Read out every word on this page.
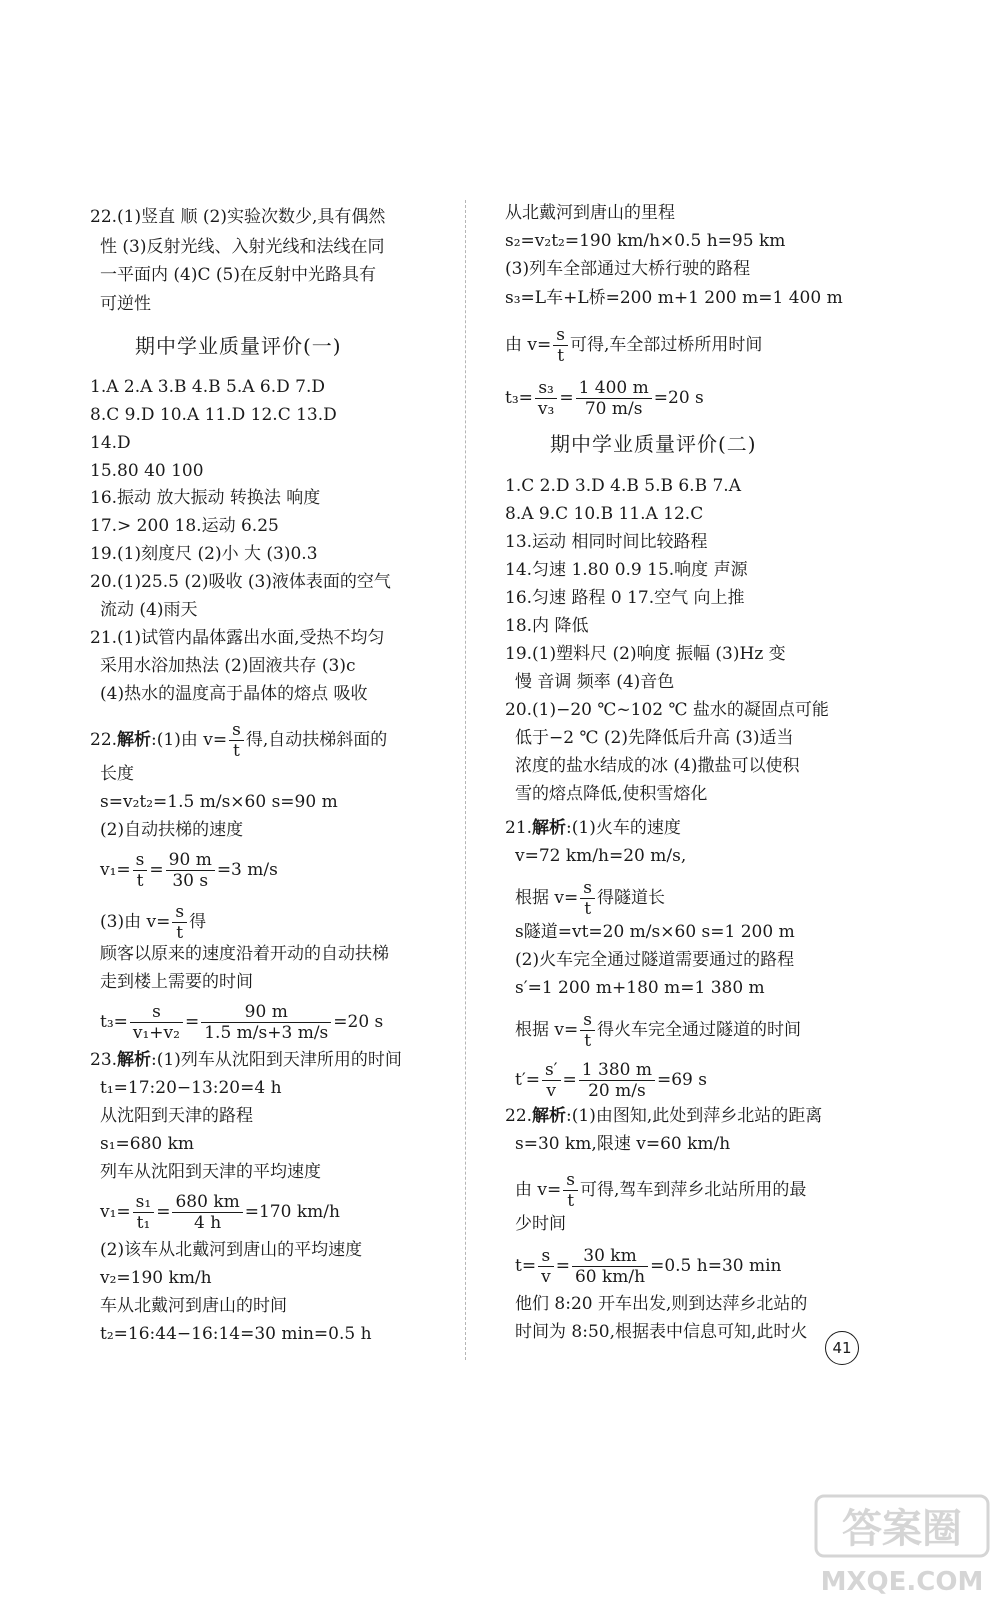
22.(1)竖直 顺 (2)实验次数少,具有偶然
性 (3)反射光线、入射光线和法线在同
一平面内 (4)C (5)在反射中光路具有
可逆性
期中学业质量评价(一)
1.A 2.A 3.B 4.B 5.A 6.D 7.D
8.C 9.D 10.A 11.D 12.C 13.D
14.D
15.80 40 100
16.振动 放大振动 转换法 响度
17.> 200 18.运动 6.25
19.(1)刻度尺 (2)小 大 (3)0.3
20.(1)25.5 (2)吸收 (3)液体表面的空气
流动 (4)雨天
21.(1)试管内晶体露出水面,受热不均匀
采用水浴加热法 (2)固液共存 (3)c
(4)热水的温度高于晶体的熔点 吸收
22.解析:(1)由 $v= \frac{s}{t}$ 得,自动扶梯斜面的
长度
s=v₂t₂=1.5 m/s×60 s=90 m
(2)自动扶梯的速度
$v_1= \frac{s}{t} = \frac{90 m}{30 s} =3$ m/s
(3)由 $v= \frac{s}{t}$ 得
顾客以原来的速度沿着开动的自动扶梯
走到楼上需要的时间
$t_3= \frac{s}{\text{v₁+v₂}} = \frac{90 m}{1.5 m/s+3 m/s} =20$ s
23.解析:(1)列车从沈阳到天津所用的时间
t₁=17:20−13:20=4 h
从沈阳到天津的路程
s₁=680 km
列车从沈阳到天津的平均速度
$v_1= \frac{\text{s₁}}{\text{t₁}} = \frac{680 km}{4 h} =170$ km/h
(2)该车从北戴河到唐山的平均速度
v₂=190 km/h
车从北戴河到唐山的时间
t₂=16:44−16:14=30 min=0.5 h
从北戴河到唐山的里程
s₂=v₂t₂=190 km/h×0.5 h=95 km
(3)列车全部通过大桥行驶的路程
s₃=L车+L桥=200 m+1 200 m=1 400 m
由 $v= \frac{s}{t}$ 可得,车全部过桥所用时间
$t_3= \frac{\text{s₃}}{\text{v₃}} = \frac{1 400 m}{70 m/s} =20$ s
期中学业质量评价(二)
1.C 2.D 3.D 4.B 5.B 6.B 7.A
8.A 9.C 10.B 11.A 12.C
13.运动 相同时间比较路程
14.匀速 1.80 0.9 15.响度 声源
16.匀速 路程 0 17.空气 向上推
18.内 降低
19.(1)塑料尺 (2)响度 振幅 (3)Hz 变
慢 音调 频率 (4)音色
20.(1)−20 ℃~102 ℃ 盐水的凝固点可能
低于−2 ℃ (2)先降低后升高 (3)适当
浓度的盐水结成的冰 (4)撒盐可以使积
雪的熔点降低,使积雪熔化
21.解析:(1)火车的速度
v=72 km/h=20 m/s,
根据 $v= \frac{s}{t}$ 得隧道长
s隧道=vt=20 m/s×60 s=1 200 m
(2)火车完全通过隧道需要通过的路程
s′=1 200 m+180 m=1 380 m
根据 $v= \frac{s}{t}$ 得火车完全通过隧道的时间
$t'= \frac{s'}{v} = \frac{1 380 m}{20 m/s} =69$ s
22.解析:(1)由图知,此处到萍乡北站的距离
s=30 km,限速 v=60 km/h
由 $v= \frac{s}{t}$ 可得,驾车到萍乡北站所用的最
少时间
$t= \frac{s}{v} = \frac{30 km}{60 km/h} =0.5$ h=30 min
他们 8:20 开车出发,则到达萍乡北站的
时间为 8:50,根据表中信息可知,此时火
41
答案圈
MXQE.COM
